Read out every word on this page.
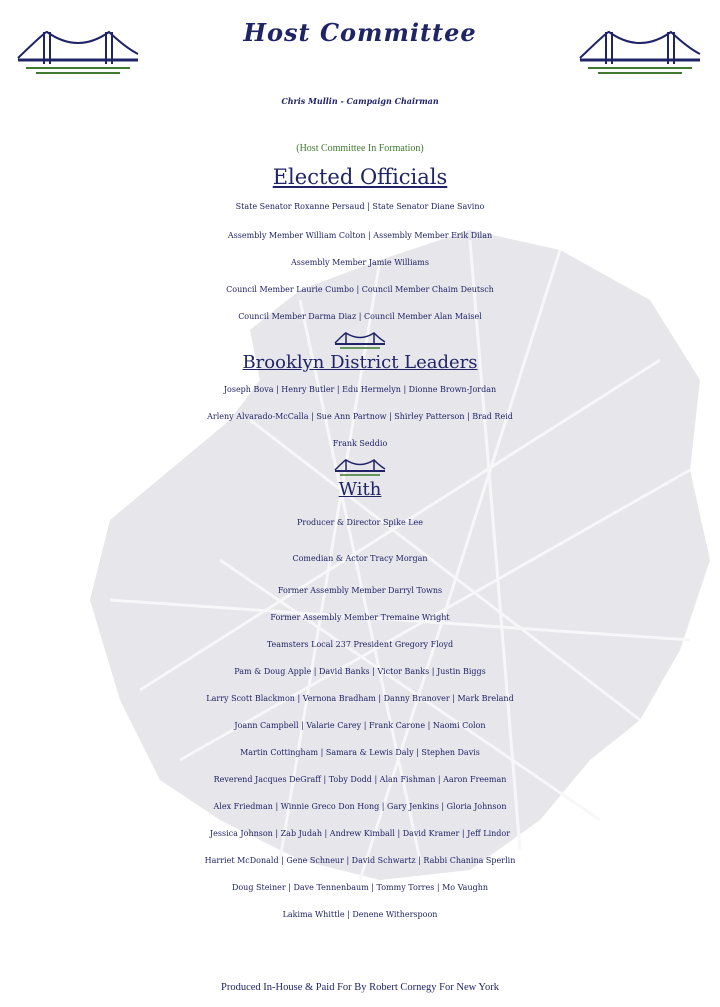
Host Committee
Chris Mullin - Campaign Chairman
(Host Committee In Formation)

Elected Officials

State Senator Roxanne Persaud | State Senator Diane Savino

Assembly Member William Colton | Assembly Member Erik Dilan

Assembly Member Jamie Williams

Council Member Laurie Cumbo | Council Member Chaim Deutsch

Council Member Darma Diaz | Council Member Alan Maisel

Brooklyn District Leaders

Joseph Bova | Henry Butler | Edu Hermelyn | Dionne Brown-Jordan

Arleny Alvarado-McCalla | Sue Ann Partnow | Shirley Patterson | Brad Reid

Frank Seddio

With

Producer & Director Spike Lee

Comedian & Actor Tracy Morgan

Former Assembly Member Darryl Towns

Former Assembly Member Tremaine Wright

Teamsters Local 237 President Gregory Floyd

Pam & Doug Apple | David Banks | Victor Banks | Justin Biggs

Larry Scott Blackmon | Vernona Bradham | Danny Branover | Mark Breland

Joann Campbell | Valarie Carey | Frank Carone | Naomi Colon

Martin Cottingham | Samara & Lewis Daly | Stephen Davis

Reverend Jacques DeGraff | Toby Dodd | Alan Fishman | Aaron Freeman

Alex Friedman | Winnie Greco Don Hong | Gary Jenkins | Gloria Johnson

Jessica Johnson | Zab Judah | Andrew Kimball | David Kramer | Jeff Lindor

Harriet McDonald | Gene Schneur | David Schwartz | Rabbi Chanina Sperlin

Doug Steiner | Dave Tennenbaum | Tommy Torres | Mo Vaughn

Lakima Whittle | Denene Witherspoon

Produced In-House & Paid For By Robert Cornegy For New York
